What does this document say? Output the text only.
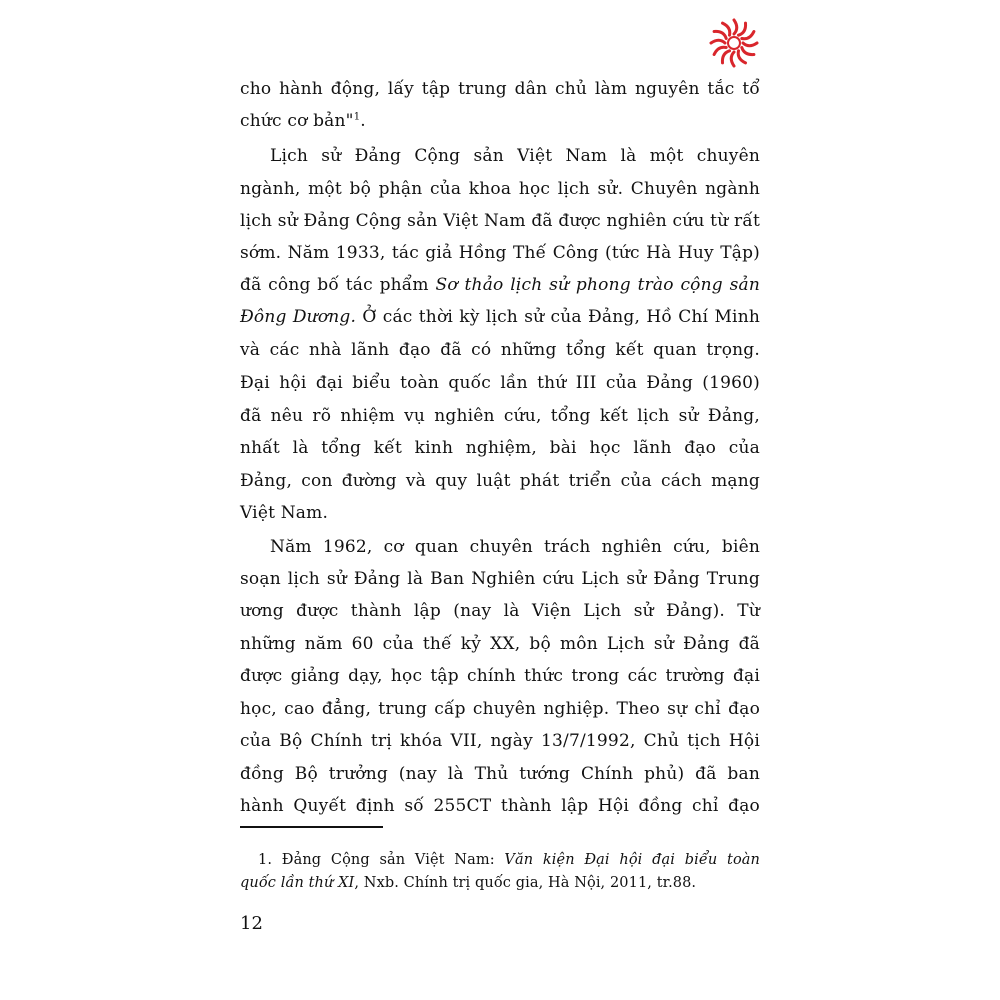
cho hành động, lấy tập trung dân chủ làm nguyên tắc tổ
chức cơ bản"$^1$.
Lịch sử Đảng Cộng sản Việt Nam là một chuyên
ngành, một bộ phận của khoa học lịch sử. Chuyên ngành
lịch sử Đảng Cộng sản Việt Nam đã được nghiên cứu từ rất
sớm. Năm 1933, tác giả Hồng Thế Công (tức Hà Huy Tập)
đã công bố tác phẩm Sơ thảo lịch sử phong trào cộng sản
Đông Dương. Ở các thời kỳ lịch sử của Đảng, Hồ Chí Minh
và các nhà lãnh đạo đã có những tổng kết quan trọng.
Đại hội đại biểu toàn quốc lần thứ III của Đảng (1960)
đã nêu rõ nhiệm vụ nghiên cứu, tổng kết lịch sử Đảng,
nhất là tổng kết kinh nghiệm, bài học lãnh đạo của
Đảng, con đường và quy luật phát triển của cách mạng
Việt Nam.
Năm 1962, cơ quan chuyên trách nghiên cứu, biên
soạn lịch sử Đảng là Ban Nghiên cứu Lịch sử Đảng Trung
ương được thành lập (nay là Viện Lịch sử Đảng). Từ
những năm 60 của thế kỷ XX, bộ môn Lịch sử Đảng đã
được giảng dạy, học tập chính thức trong các trường đại
học, cao đẳng, trung cấp chuyên nghiệp. Theo sự chỉ đạo
của Bộ Chính trị khóa VII, ngày 13/7/1992, Chủ tịch Hội
đồng Bộ trưởng (nay là Thủ tướng Chính phủ) đã ban
hành Quyết định số 255CT thành lập Hội đồng chỉ đạo
1. Đảng Cộng sản Việt Nam: Văn kiện Đại hội đại biểu toàn
quốc lần thứ XI, Nxb. Chính trị quốc gia, Hà Nội, 2011, tr.88.
12
